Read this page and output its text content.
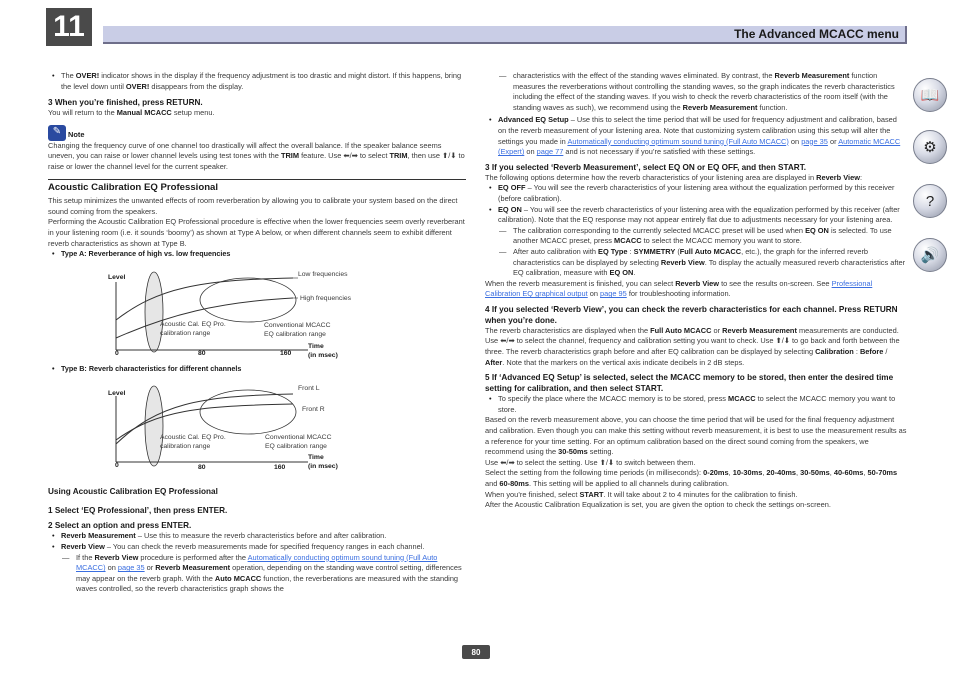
11	The Advanced MCACC menu

• The OVER! indicator shows in the display if the frequency adjustment is too drastic and might distort. If this happens, bring the level down until OVER! disappears from the display.

3 When you’re finished, press RETURN.

You will return to the Manual MCACC setup menu.

✎ Note

Changing the frequency curve of one channel too drastically will affect the overall balance. If the speaker balance seems uneven, you can raise or lower channel levels using test tones with the TRIM feature. Use ⬅/➡ to select TRIM, then use ⬆/⬇ to raise or lower the channel level for the current speaker.

Acoustic Calibration EQ Professional

This setup minimizes the unwanted effects of room reverberation by allowing you to calibrate your system based on the direct sound coming from the speakers.

Performing the Acoustic Calibration EQ Professional procedure is effective when the lower frequencies seem overly reverberant in your listening room (i.e. it sounds ‘boomy’) as shown at Type A below, or when different channels seem to exhibit different reverb characteristics as shown at Type B.

• Type A: Reverberance of high vs. low frequencies

Level	Low frequencies
High frequencies
Acoustic Cal. EQ Pro.
calibration range
Conventional MCACC
EQ calibration range
Time
(in msec)
0	80	160

• Type B: Reverb characteristics for different channels

Level
Front L
Front R
Acoustic Cal. EQ Pro.
calibration range
Conventional MCACC
EQ calibration range
Time
(in msec)
0	80	160

Using Acoustic Calibration EQ Professional

1 Select ‘EQ Professional’, then press ENTER.

2 Select an option and press ENTER.

• Reverb Measurement – Use this to measure the reverb characteristics before and after calibration.

• Reverb View – You can check the reverb measurements made for specified frequency ranges in each channel.

— If the Reverb View procedure is performed after the Automatically conducting optimum sound tuning (Full Auto MCACC) on page 35 or Reverb Measurement operation, depending on the standing wave control setting, differences may appear on the reverb graph. With the Auto MCACC function, the reverberations are measured with the standing waves controlled, so the reverb characteristics graph shows the

— characteristics with the effect of the standing waves eliminated. By contrast, the Reverb Measurement function measures the reverberations without controlling the standing waves, so the graph indicates the reverb characteristics including the effect of the standing waves. If you wish to check the reverb characteristics of the room itself (with the standing waves as such), we recommend using the Reverb Measurement function.

• Advanced EQ Setup – Use this to select the time period that will be used for frequency adjustment and calibration, based on the reverb measurement of your listening area. Note that customizing system calibration using this setup will alter the settings you made in Automatically conducting optimum sound tuning (Full Auto MCACC) on page 35 or Automatic MCACC (Expert) on page 77 and is not necessary if you’re satisfied with these settings.

3 If you selected ‘Reverb Measurement’, select EQ ON or EQ OFF, and then START.

The following options determine how the reverb characteristics of your listening area are displayed in Reverb View:

• EQ OFF – You will see the reverb characteristics of your listening area without the equalization performed by this receiver (before calibration).

• EQ ON – You will see the reverb characteristics of your listening area with the equalization performed by this receiver (after calibration). Note that the EQ response may not appear entirely flat due to adjustments necessary for your listening area.

— The calibration corresponding to the currently selected MCACC preset will be used when EQ ON is selected. To use another MCACC preset, press MCACC to select the MCACC memory you want to store.

— After auto calibration with EQ Type : SYMMETRY (Full Auto MCACC, etc.), the graph for the inferred reverb characteristics can be displayed by selecting Reverb View. To display the actually measured reverb characteristics after EQ calibration, measure with EQ ON.

When the reverb measurement is finished, you can select Reverb View to see the results on-screen. See Professional Calibration EQ graphical output on page 95 for troubleshooting information.

4 If you selected ‘Reverb View’, you can check the reverb characteristics for each channel. Press RETURN when you’re done.

The reverb characteristics are displayed when the Full Auto MCACC or Reverb Measurement measurements are conducted.

Use ⬅/➡ to select the channel, frequency and calibration setting you want to check. Use ⬆/⬇ to go back and forth between the three. The reverb characteristics graph before and after EQ calibration can be displayed by selecting Calibration : Before / After. Note that the markers on the vertical axis indicate decibels in 2 dB steps.

5 If ‘Advanced EQ Setup’ is selected, select the MCACC memory to be stored, then enter the desired time setting for calibration, and then select START.

• To specify the place where the MCACC memory is to be stored, press MCACC to select the MCACC memory you want to store.

Based on the reverb measurement above, you can choose the time period that will be used for the final frequency adjustment and calibration. Even though you can make this setting without reverb measurement, it is best to use the measurement results as a reference for your time setting. For an optimum calibration based on the direct sound coming from the speakers, we recommend using the 30-50ms setting.

Use ⬅/➡ to select the setting. Use ⬆/⬇ to switch between them.

Select the setting from the following time periods (in milliseconds): 0-20ms, 10-30ms, 20-40ms, 30-50ms, 40-60ms, 50-70ms and 60-80ms. This setting will be applied to all channels during calibration.

When you’re finished, select START. It will take about 2 to 4 minutes for the calibration to finish.

After the Acoustic Calibration Equalization is set, you are given the option to check the settings on-screen.

📖
⚙
?
🔊
80
